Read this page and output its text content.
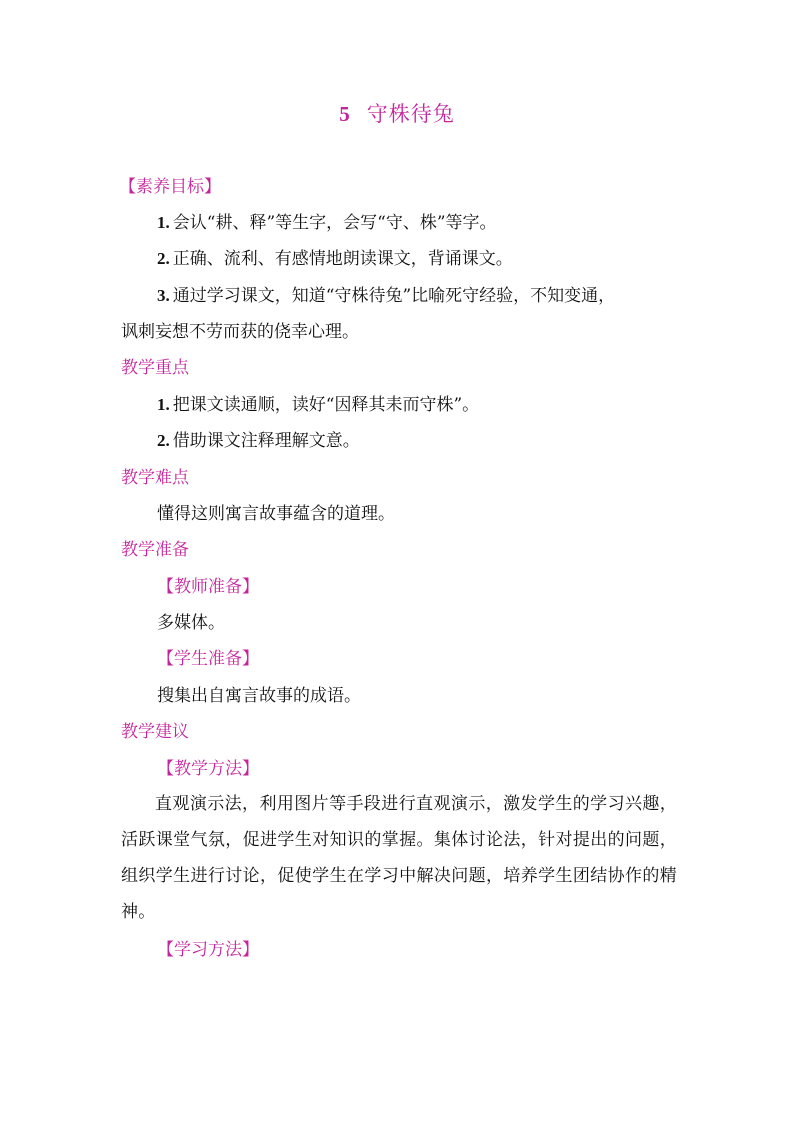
5 守株待兔
【素养目标】
1. 会认“耕、释”等生字，会写“守、株”等字。
2. 正确、流利、有感情地朗读课文，背诵课文。
3. 通过学习课文，知道“守株待兔”比喻死守经验，不知变通，
讽刺妄想不劳而获的侥幸心理。
教学重点
1. 把课文读通顺，读好“因释其耒而守株”。
2. 借助课文注释理解文意。
教学难点
懂得这则寓言故事蕴含的道理。
教学准备
【教师准备】
多媒体。
【学生准备】
搜集出自寓言故事的成语。
教学建议
【教学方法】
直观演示法，利用图片等手段进行直观演示，激发学生的学习兴趣，活跃课堂气氛，促进学生对知识的掌握。集体讨论法，针对提出的问题，组织学生进行讨论，促使学生在学习中解决问题，培养学生团结协作的精神。
【学习方法】
